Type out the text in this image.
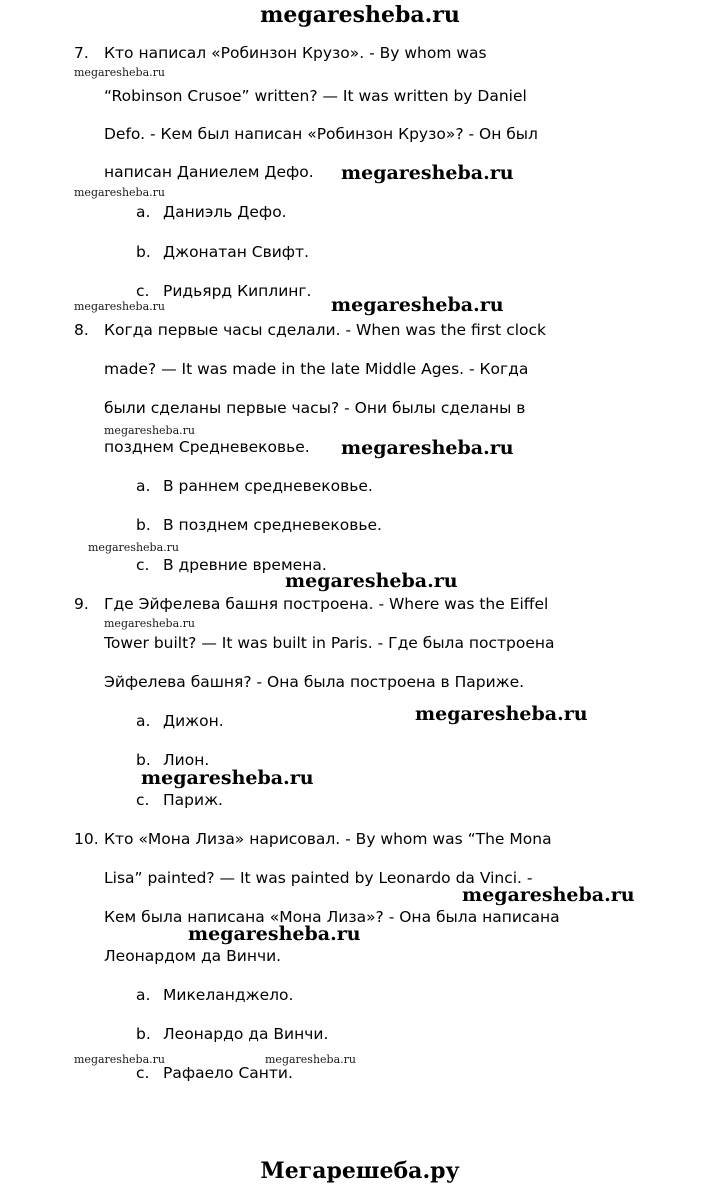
megaresheba.ru
7. Кто написал «Робинзон Крузо». - By whom was
“Robinson Crusoe” written? — It was written by Daniel
Defo. - Кем был написан «Робинзон Крузо»? - Он был
написан Даниелем Дефо.
a. Даниэль Дефо.
b. Джонатан Свифт.
c. Ридьярд Киплинг.
8. Когда первые часы сделали. - When was the first clock
made? — It was made in the late Middle Ages. - Когда
были сделаны первые часы? - Они былы сделаны в
позднем Средневековье.
a. В раннем средневековье.
b. В позднем средневековье.
c. В древние времена.
9. Где Эйфелева башня построена. - Where was the Eiffel
Tower built? — It was built in Paris. - Где была построена
Эйфелева башня? - Она была построена в Париже.
a. Дижон.
b. Лион.
c. Париж.
10. Кто «Мона Лиза» нарисовал. - By whom was “The Mona
Lisa” painted? — It was painted by Leonardo da Vinci. -
Кем была написана «Мона Лиза»? - Она была написана
Леонардом да Винчи.
a. Микеланджело.
b. Леонардо да Винчи.
c. Рафаело Санти.
megaresheba.ru
megaresheba.ru
megaresheba.ru
megaresheba.ru
megaresheba.ru
megaresheba.ru
megaresheba.ru	megaresheba.ru
megaresheba.ru
megaresheba.ru
megaresheba.ru
megaresheba.ru
megaresheba.ru
megaresheba.ru
megaresheba.ru
megaresheba.ru
Мегарешеба.ру
